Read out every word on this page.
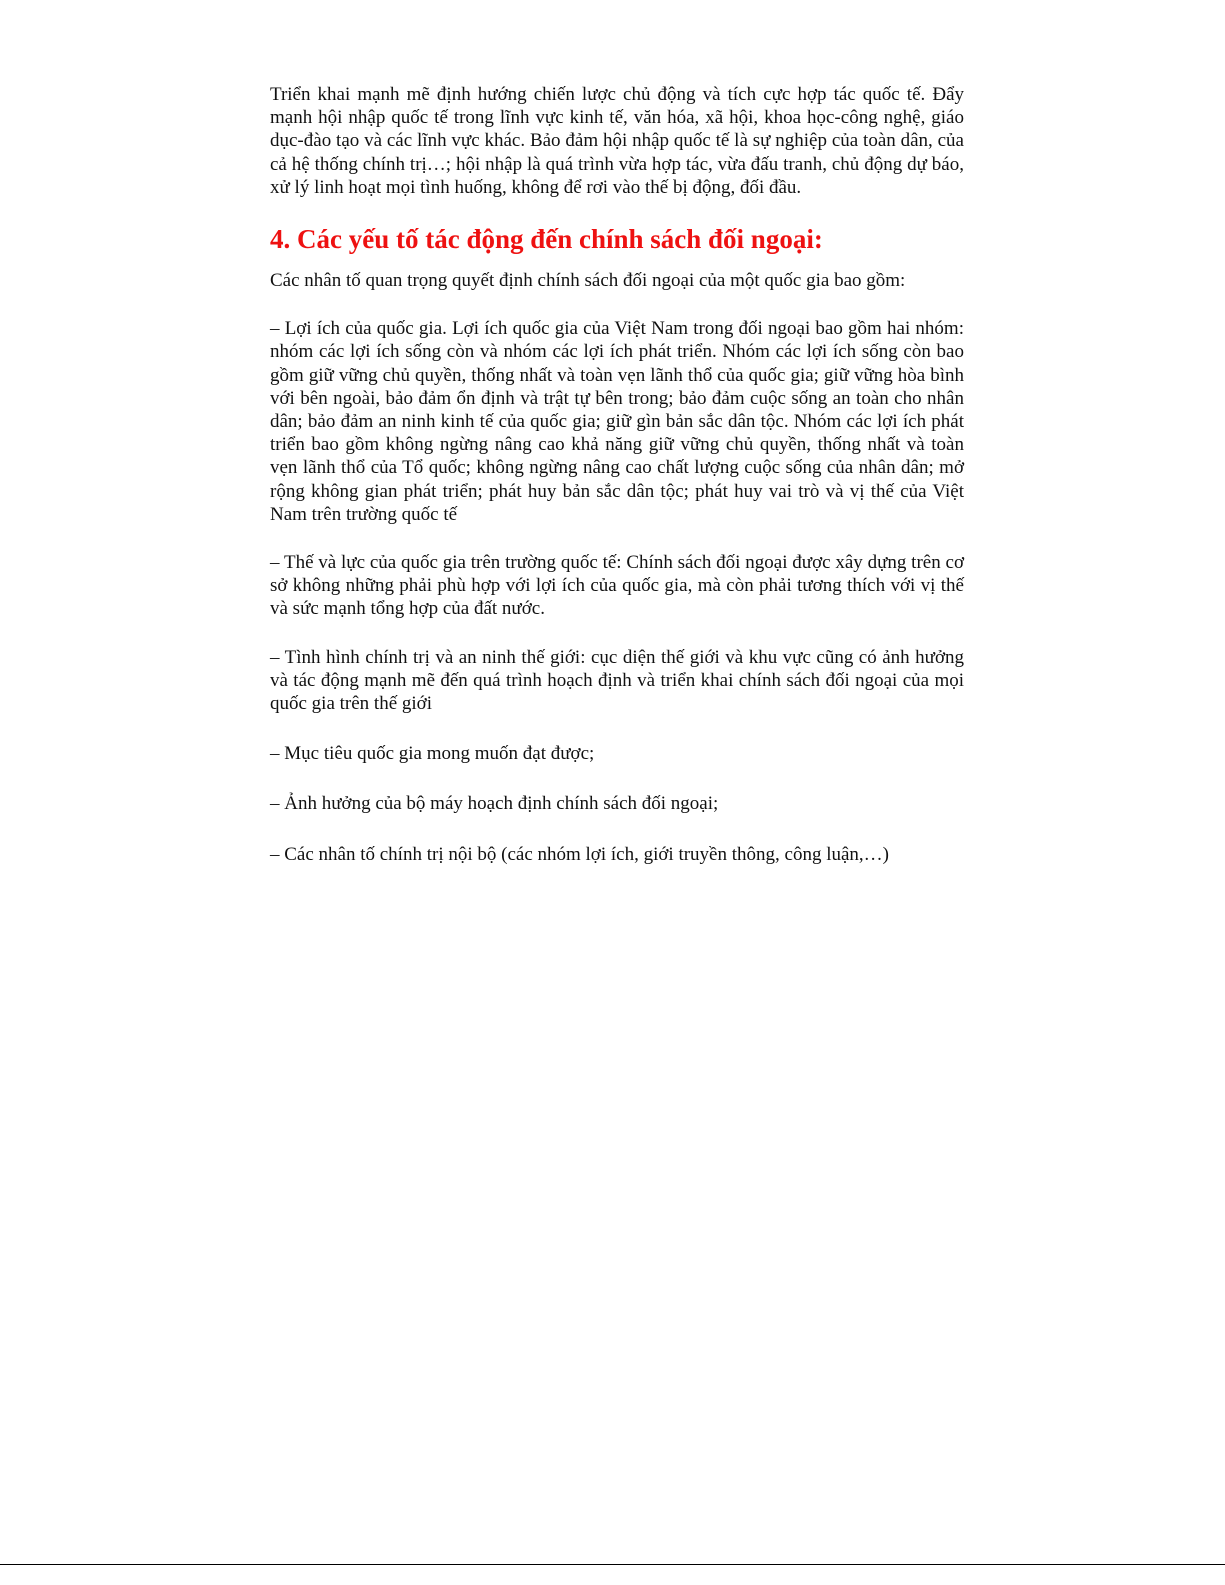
Triển khai mạnh mẽ định hướng chiến lược chủ động và tích cực hợp tác quốc tế. Đẩy mạnh hội nhập quốc tế trong lĩnh vực kinh tế, văn hóa, xã hội, khoa học-công nghệ, giáo dục-đào tạo và các lĩnh vực khác. Bảo đảm hội nhập quốc tế là sự nghiệp của toàn dân, của cả hệ thống chính trị…; hội nhập là quá trình vừa hợp tác, vừa đấu tranh, chủ động dự báo, xử lý linh hoạt mọi tình huống, không để rơi vào thế bị động, đối đầu.

4. Các yếu tố tác động đến chính sách đối ngoại:

Các nhân tố quan trọng quyết định chính sách đối ngoại của một quốc gia bao gồm:

– Lợi ích của quốc gia. Lợi ích quốc gia của Việt Nam trong đối ngoại bao gồm hai nhóm: nhóm các lợi ích sống còn và nhóm các lợi ích phát triển. Nhóm các lợi ích sống còn bao gồm giữ vững chủ quyền, thống nhất và toàn vẹn lãnh thổ của quốc gia; giữ vững hòa bình với bên ngoài, bảo đảm ổn định và trật tự bên trong; bảo đảm cuộc sống an toàn cho nhân dân; bảo đảm an ninh kinh tế của quốc gia; giữ gìn bản sắc dân tộc. Nhóm các lợi ích phát triển bao gồm không ngừng nâng cao khả năng giữ vững chủ quyền, thống nhất và toàn vẹn lãnh thổ của Tổ quốc; không ngừng nâng cao chất lượng cuộc sống của nhân dân; mở rộng không gian phát triển; phát huy bản sắc dân tộc; phát huy vai trò và vị thế của Việt Nam trên trường quốc tế

– Thế và lực của quốc gia trên trường quốc tế: Chính sách đối ngoại được xây dựng trên cơ sở không những phải phù hợp với lợi ích của quốc gia, mà còn phải tương thích với vị thế và sức mạnh tổng hợp của đất nước.

– Tình hình chính trị và an ninh thế giới: cục diện thế giới và khu vực cũng có ảnh hưởng và tác động mạnh mẽ đến quá trình hoạch định và triển khai chính sách đối ngoại của mọi quốc gia trên thế giới

– Mục tiêu quốc gia mong muốn đạt được;

– Ảnh hưởng của bộ máy hoạch định chính sách đối ngoại;

– Các nhân tố chính trị nội bộ (các nhóm lợi ích, giới truyền thông, công luận,…)
